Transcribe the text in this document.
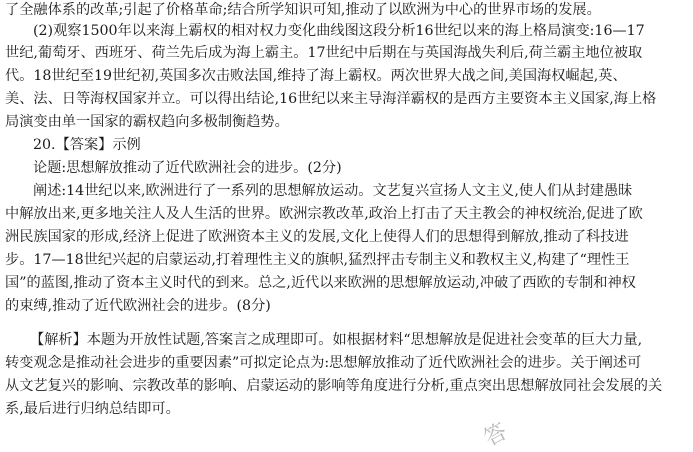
了全融体系的改革;引起了价格革命;结合所学知识可知,推动了以欧洲为中心的世界市场的发展。
(2)观察1500年以来海上霸权的相对权力变化曲线图这段分析16世纪以来的海上格局演变:16—17
世纪,葡萄牙、西班牙、荷兰先后成为海上霸主。17世纪中后期在与英国海战失利后,荷兰霸主地位被取
代。18世纪至19世纪初,英国多次击败法国,维持了海上霸权。两次世界大战之间,美国海权崛起,英、
美、法、日等海权国家并立。可以得出结论,16世纪以来主导海洋霸权的是西方主要资本主义国家,海上格
局演变由单一国家的霸权趋向多极制衡趋势。
20.【答案】示例
论题:思想解放推动了近代欧洲社会的进步。(2分)
阐述:14世纪以来,欧洲进行了一系列的思想解放运动。文艺复兴宣扬人文主义,使人们从封建愚昧
中解放出来,更多地关注人及人生活的世界。欧洲宗教改革,政治上打击了天主教会的神权统治,促进了欧
洲民族国家的形成,经济上促进了欧洲资本主义的发展,文化上使得人们的思想得到解放,推动了科技进
步。17—18世纪兴起的启蒙运动,打着理性主义的旗帜,猛烈抨击专制主义和教权主义,构建了“理性王
国”的蓝图,推动了资本主义时代的到来。总之,近代以来欧洲的思想解放运动,冲破了西欧的专制和神权
的束缚,推动了近代欧洲社会的进步。(8分)
【解析】本题为开放性试题,答案言之成理即可。如根据材料“思想解放是促进社会变革的巨大力量,
转变观念是推动社会进步的重要因素”可拟定论点为:思想解放推动了近代欧洲社会的进步。关于阐述可
从文艺复兴的影响、宗教改革的影响、启蒙运动的影响等角度进行分析,重点突出思想解放同社会发展的关
系,最后进行归纳总结即可。
答
